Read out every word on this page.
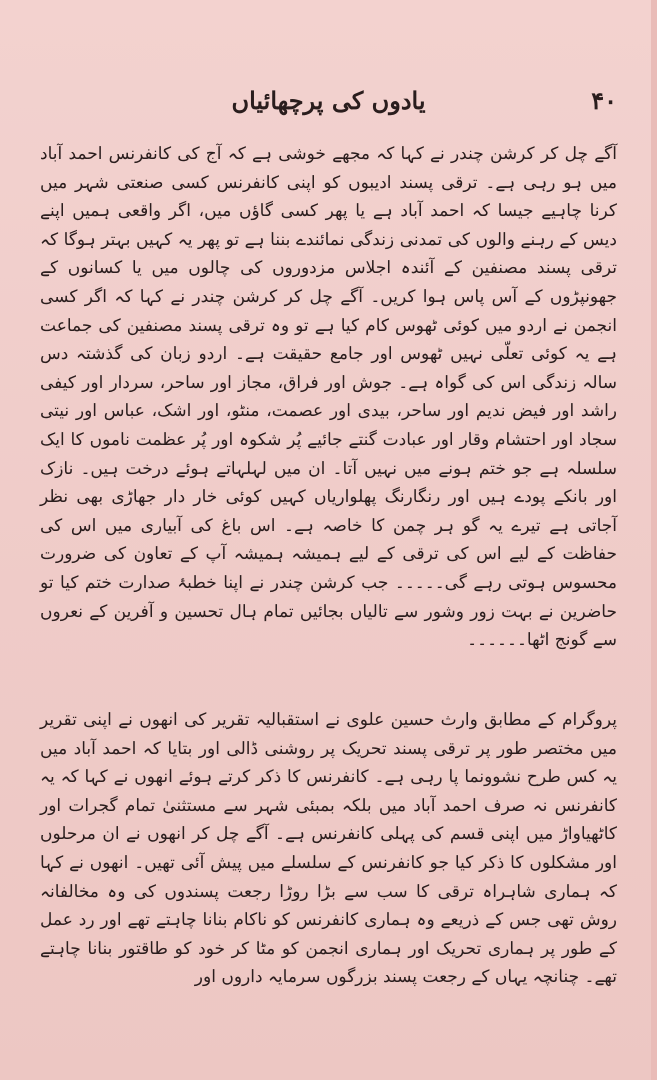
یادوں کی پرچھائیاں	۴۰

آگے چل کر کرشن چندر نے کہا کہ مجھے خوشی ہے کہ آج کی کانفرنس احمد آباد میں ہو رہی ہے۔ ترقی پسند ادیبوں کو اپنی کانفرنس کسی صنعتی شہر میں کرنا چاہیے جیسا کہ احمد آباد ہے یا پھر کسی گاؤں میں، اگر واقعی ہمیں اپنے دیس کے رہنے والوں کی تمدنی زندگی نمائندے بننا ہے تو پھر یہ کہیں بہتر ہوگا کہ ترقی پسند مصنفین کے آئندہ اجلاس مزدوروں کی چالوں میں یا کسانوں کے جھونپڑوں کے آس پاس ہوا کریں۔ آگے چل کر کرشن چندر نے کہا کہ اگر کسی انجمن نے اردو میں کوئی ٹھوس کام کیا ہے تو وہ ترقی پسند مصنفین کی جماعت ہے یہ کوئی تعلّی نہیں ٹھوس اور جامع حقیقت ہے۔ اردو زبان کی گذشتہ دس سالہ زندگی اس کی گواہ ہے۔ جوش اور فراق، مجاز اور ساحر، سردار اور کیفی راشد اور فیض ندیم اور ساحر، بیدی اور عصمت، منٹو، اور اشک، عباس اور نیتی سجاد اور احتشام وقار اور عبادت گنتے جائیے پُر شکوہ اور پُر عظمت ناموں کا ایک سلسلہ ہے جو ختم ہونے میں نہیں آتا۔ ان میں لہلہاتے ہوئے درخت ہیں۔ نازک اور بانکے پودے ہیں اور رنگارنگ پھلواریاں کہیں کوئی خار دار جھاڑی بھی نظر آجاتی ہے تیرے یہ گو ہر چمن کا خاصہ ہے۔ اس باغ کی آبیاری میں اس کی حفاظت کے لیے اس کی ترقی کے لیے ہمیشہ ہمیشہ آپ کے تعاون کی ضرورت محسوس ہوتی رہے گی۔۔۔۔۔ جب کرشن چندر نے اپنا خطبۂ صدارت ختم کیا تو حاضرین نے بہت زور وشور سے تالیاں بجائیں تمام ہال تحسین و آفرین کے نعروں سے گونج اٹھا۔۔۔۔۔۔

پروگرام کے مطابق وارث حسین علوی نے استقبالیہ تقریر کی انھوں نے اپنی تقریر میں مختصر طور پر ترقی پسند تحریک پر روشنی ڈالی اور بتایا کہ احمد آباد میں یہ کس طرح نشوونما پا رہی ہے۔ کانفرنس کا ذکر کرتے ہوئے انھوں نے کہا کہ یہ کانفرنس نہ صرف احمد آباد میں بلکہ بمبئی شہر سے مستثنیٰ تمام گجرات اور کاٹھیاواڑ میں اپنی قسم کی پہلی کانفرنس ہے۔ آگے چل کر انھوں نے ان مرحلوں اور مشکلوں کا ذکر کیا جو کانفرنس کے سلسلے میں پیش آئی تھیں۔ انھوں نے کہا کہ ہماری شاہراہ ترقی کا سب سے بڑا روڑا رجعت پسندوں کی وہ مخالفانہ روش تھی جس کے ذریعے وہ ہماری کانفرنس کو ناکام بنانا چاہتے تھے اور رد عمل کے طور پر ہماری تحریک اور ہماری انجمن کو مٹا کر خود کو طاقتور بنانا چاہتے تھے۔ چنانچہ یہاں کے رجعت پسند بزرگوں سرمایہ داروں اور
